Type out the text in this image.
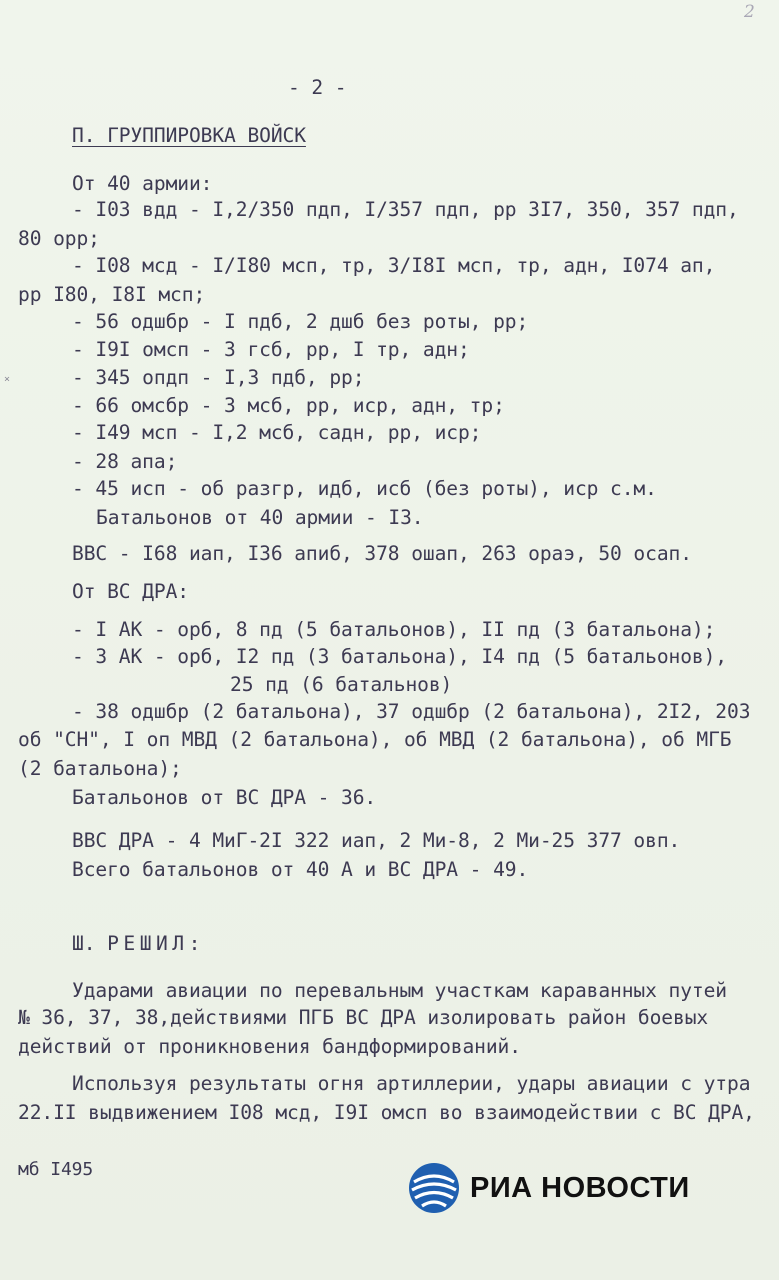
2
×
- 2 -
П. ГРУППИРОВКА ВОЙСК
От 40 армии:
- I03 вдд - I,2/350 пдп, I/357 пдп, рр 3I7, 350, 357 пдп,
80 орр;
- I08 мсд - I/I80 мсп, тр, 3/I8I мсп, тр, адн, I074 ап,
рр I80, I8I мсп;
- 56 одшбр - I пдб, 2 дшб без роты, рр;
- I9I омсп - 3 гсб, рр, I тр, адн;
- 345 опдп - I,3 пдб, рр;
- 66 омсбр - 3 мсб, рр, иср, адн, тр;
- I49 мсп - I,2 мсб, садн, рр, иср;
- 28 апа;
- 45 исп - об разгр, идб, исб (без роты), иср с.м.
Батальонов от 40 армии - I3.
ВВС - I68 иап, I36 апиб, 378 ошап, 263 ораэ, 50 осап.
От ВС ДРА:
- I АК - орб, 8 пд (5 батальонов), II пд (3 батальона);
- 3 АК - орб, I2 пд (3 батальона), I4 пд (5 батальонов),
25 пд (6 батальнов)
- 38 одшбр (2 батальона), 37 одшбр (2 батальона), 2I2, 203
об "СН", I оп МВД (2 батальона), об МВД (2 батальона), об МГБ
(2 батальона);
Батальонов от ВС ДРА - 36.
ВВС ДРА - 4 МиГ-2I 322 иап, 2 Ми-8, 2 Ми-25 377 овп.
Всего батальонов от 40 А и ВС ДРА - 49.
Ш. РЕШИЛ:
Ударами авиации по перевальным участкам караванных путей
№ 36, 37, 38,действиями ПГБ ВС ДРА изолировать район боевых
действий от проникновения бандформирований.
Используя результаты огня артиллерии, удары авиации с утра
22.II выдвижением I08 мсд, I9I омсп во взаимодействии с ВС ДРА,
мб I495
РИА НОВОСТИ
